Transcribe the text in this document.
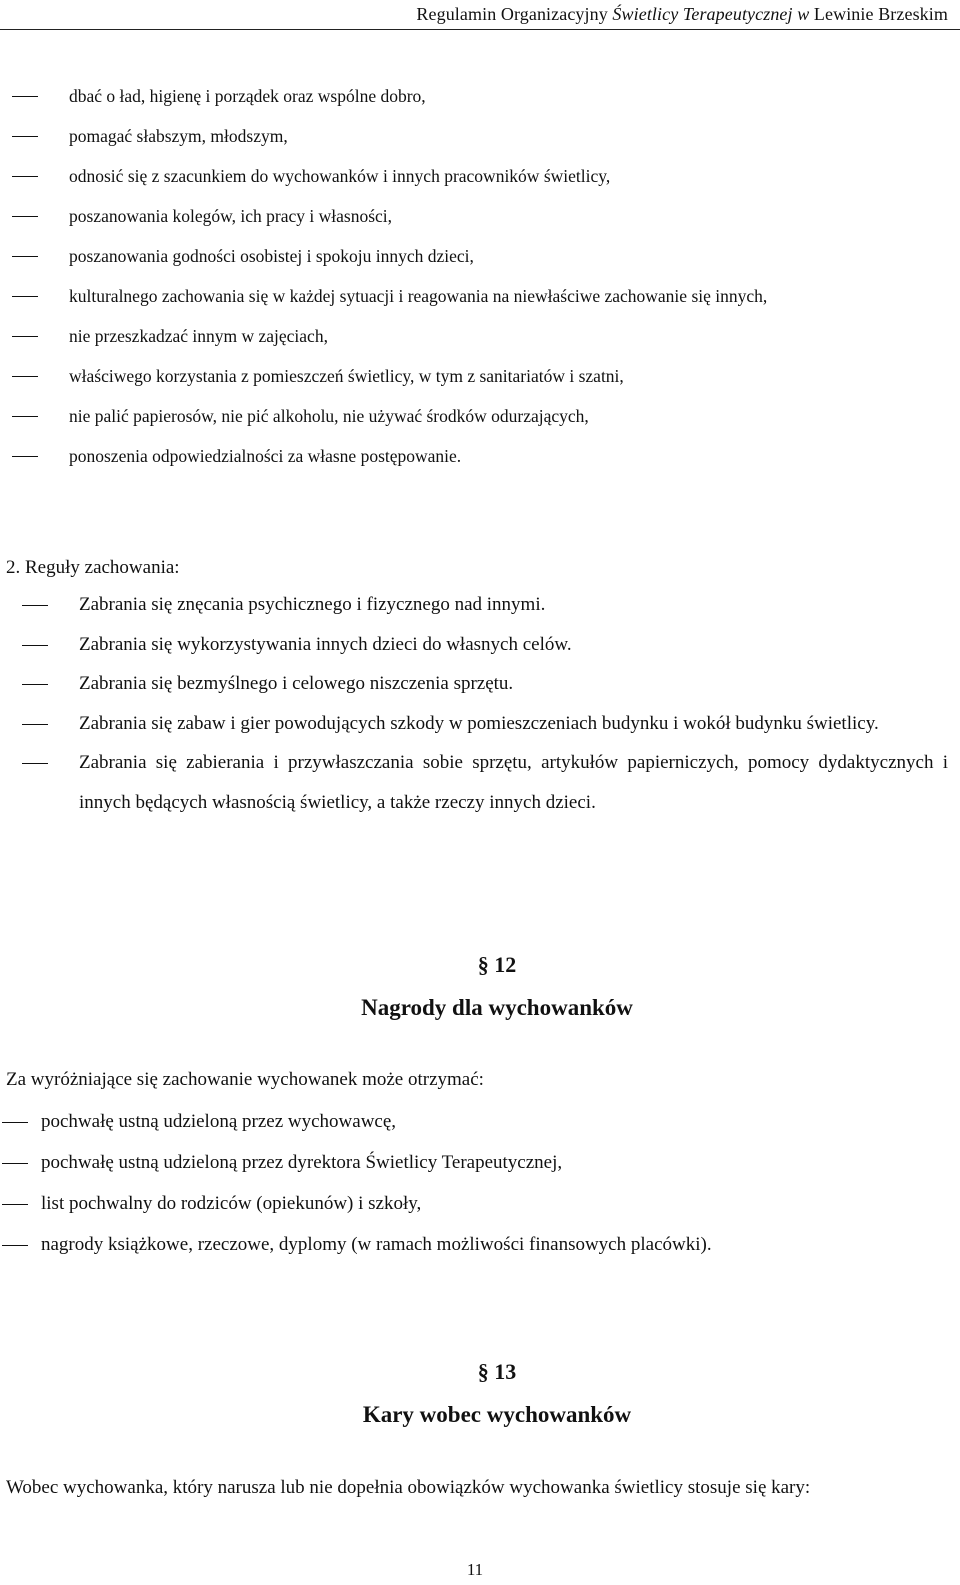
Regulamin Organizacyjny Świetlicy Terapeutycznej w Lewinie Brzeskim
dbać o ład, higienę i porządek oraz wspólne dobro,
pomagać słabszym, młodszym,
odnosić się z szacunkiem do wychowanków i innych pracowników świetlicy,
poszanowania kolegów, ich pracy i własności,
poszanowania godności osobistej i spokoju innych dzieci,
kulturalnego zachowania się w każdej sytuacji i reagowania na niewłaściwe zachowanie się innych,
nie przeszkadzać innym w zajęciach,
właściwego korzystania z pomieszczeń świetlicy, w tym z sanitariatów i szatni,
nie palić papierosów, nie pić alkoholu, nie używać środków odurzających,
ponoszenia odpowiedzialności za własne postępowanie.
2. Reguły zachowania:
Zabrania się znęcania psychicznego i fizycznego nad innymi.
Zabrania się wykorzystywania innych dzieci do własnych celów.
Zabrania się bezmyślnego i celowego niszczenia sprzętu.
Zabrania się zabaw i gier powodujących szkody w pomieszczeniach budynku i wokół budynku świetlicy.
Zabrania się zabierania i przywłaszczania sobie sprzętu, artykułów papierniczych, pomocy dydaktycznych i innych będących własnością świetlicy, a także rzeczy innych dzieci.
§ 12
Nagrody dla wychowanków
Za wyróżniające się zachowanie wychowanek może otrzymać:
pochwałę ustną udzieloną przez wychowawcę,
pochwałę ustną udzieloną przez dyrektora Świetlicy Terapeutycznej,
list pochwalny do rodziców (opiekunów) i szkoły,
nagrody książkowe, rzeczowe, dyplomy (w ramach możliwości finansowych placówki).
§ 13
Kary wobec wychowanków
Wobec wychowanka, który narusza lub nie dopełnia obowiązków wychowanka świetlicy stosuje się kary:
11
